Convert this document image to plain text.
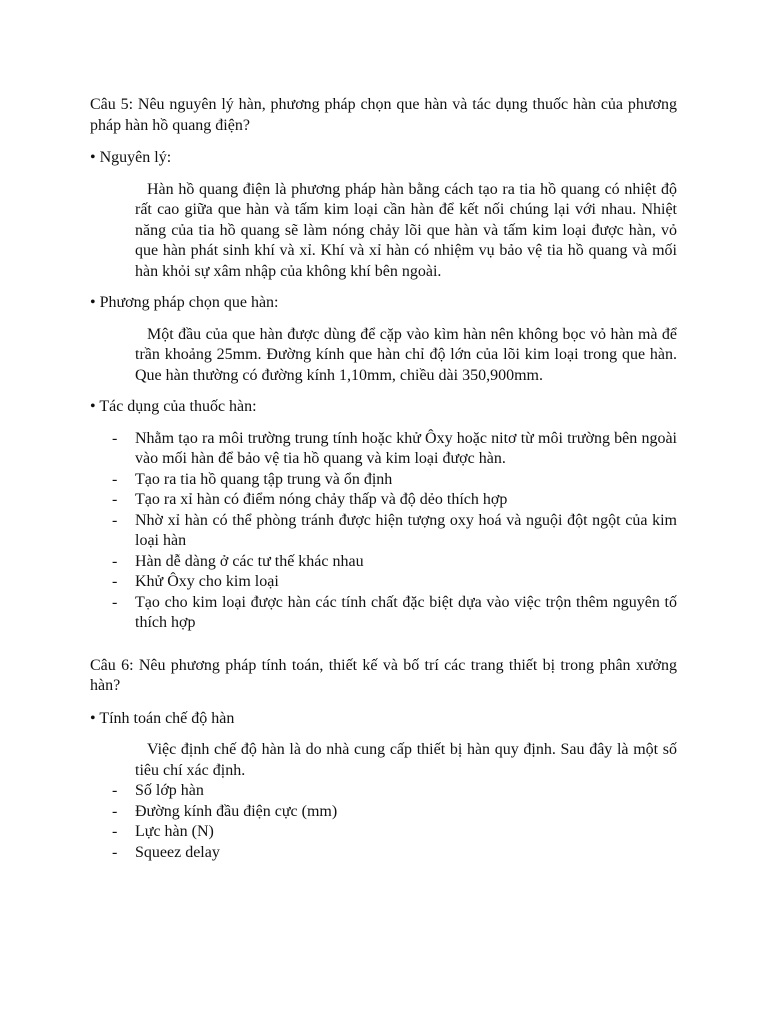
Câu 5: Nêu nguyên lý hàn, phương pháp chọn que hàn và tác dụng thuốc hàn của phương pháp hàn hồ quang điện?

• Nguyên lý:

Hàn hồ quang điện là phương pháp hàn bằng cách tạo ra tia hồ quang có nhiệt độ rất cao giữa que hàn và tấm kim loại cần hàn để kết nối chúng lại với nhau. Nhiệt năng của tia hồ quang sẽ làm nóng chảy lõi que hàn và tấm kim loại được hàn, vỏ que hàn phát sinh khí và xỉ. Khí và xỉ hàn có nhiệm vụ bảo vệ tia hồ quang và mối hàn khỏi sự xâm nhập của không khí bên ngoài.

• Phương pháp chọn que hàn:

Một đầu của que hàn được dùng để cặp vào kìm hàn nên không bọc vỏ hàn mà để trần khoảng 25mm. Đường kính que hàn chỉ độ lớn của lõi kim loại trong que hàn. Que hàn thường có đường kính 1,10mm, chiều dài 350,900mm.

• Tác dụng của thuốc hàn:

- Nhằm tạo ra môi trường trung tính hoặc khử Ôxy hoặc nitơ từ môi trường bên ngoài vào mối hàn để bảo vệ tia hồ quang và kim loại được hàn.
- Tạo ra tia hồ quang tập trung và ổn định
- Tạo ra xỉ hàn có điểm nóng chảy thấp và độ dẻo thích hợp
- Nhờ xỉ hàn có thể phòng tránh được hiện tượng oxy hoá và nguội đột ngột của kim loại hàn
- Hàn dễ dàng ở các tư thế khác nhau
- Khử Ôxy cho kim loại
- Tạo cho kim loại được hàn các tính chất đặc biệt dựa vào việc trộn thêm nguyên tố thích hợp

Câu 6: Nêu phương pháp tính toán, thiết kế và bố trí các trang thiết bị trong phân xưởng hàn?

• Tính toán chế độ hàn

Việc định chế độ hàn là do nhà cung cấp thiết bị hàn quy định. Sau đây là một số tiêu chí xác định.
- Số lớp hàn
- Đường kính đầu điện cực (mm)
- Lực hàn (N)
- Squeez delay
